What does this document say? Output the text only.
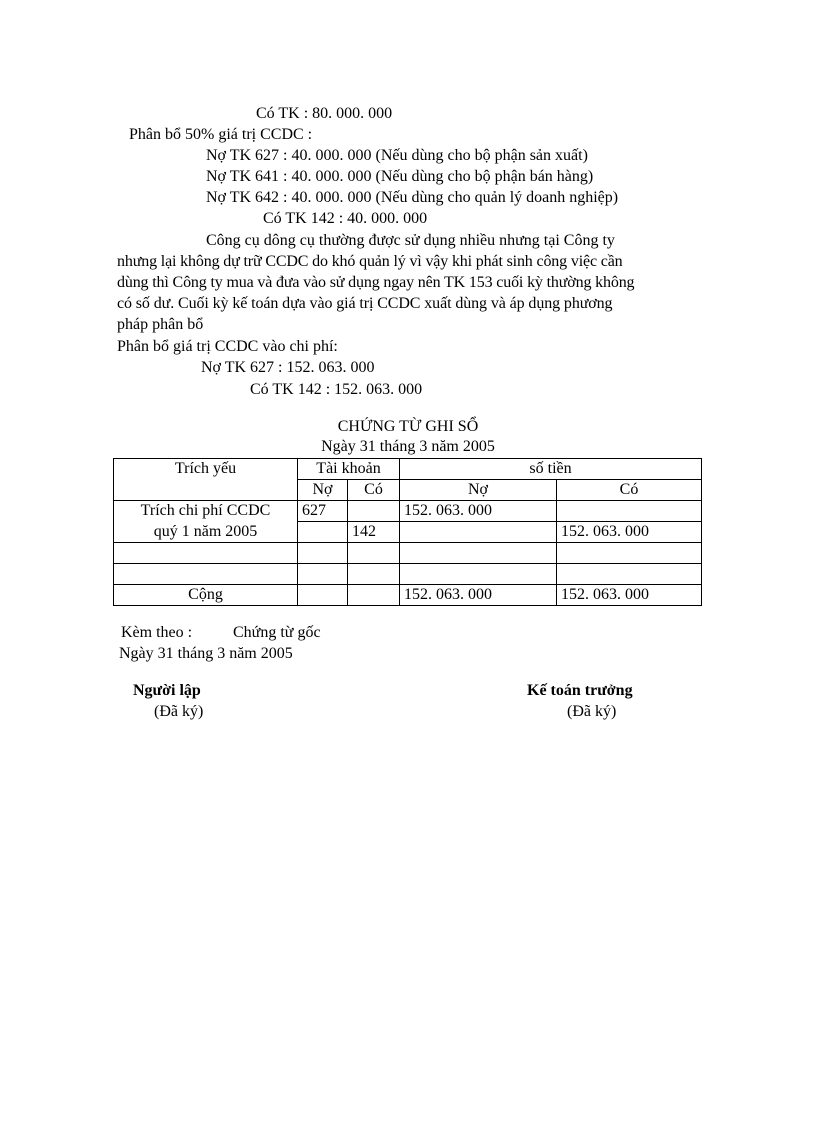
Có TK : 80. 000. 000
Phân bổ 50% giá trị CCDC :
Nợ TK 627 : 40. 000. 000 (Nếu dùng cho bộ phận sản xuất)
Nợ TK 641 : 40. 000. 000 (Nếu dùng cho bộ phận bán hàng)
Nợ TK 642 : 40. 000. 000 (Nếu dùng cho quản lý doanh nghiệp)
Có TK 142 : 40. 000. 000
Công cụ dông cụ thường được sử dụng nhiều nhưng tại Công ty
nhưng lại không dự trữ CCDC do khó quản lý vì vậy khi phát sinh công việc cần
dùng thì Công ty mua và đưa vào sử dụng ngay nên TK 153 cuối kỳ thường không
có số dư. Cuối kỳ kế toán dựa vào giá trị CCDC xuất dùng và áp dụng phương
pháp phân bổ
Phân bổ giá trị CCDC vào chi phí:
Nợ TK 627 : 152. 063. 000
Có TK 142 : 152. 063. 000
CHỨNG TỪ GHI SỔ
Ngày 31 tháng 3 năm 2005
Trích yếu	Tài khoản		số tiền	
	Nợ	Có	Nợ	Có
Trích chi phí CCDC	627		152. 063. 000	
quý 1 năm 2005		142		152. 063. 000

Cộng			152. 063. 000	152. 063. 000
Kèm theo :	Chứng từ gốc
Ngày 31 tháng 3 năm 2005
Người lập
(Đã ký)
Kế toán trưởng
(Đã ký)
